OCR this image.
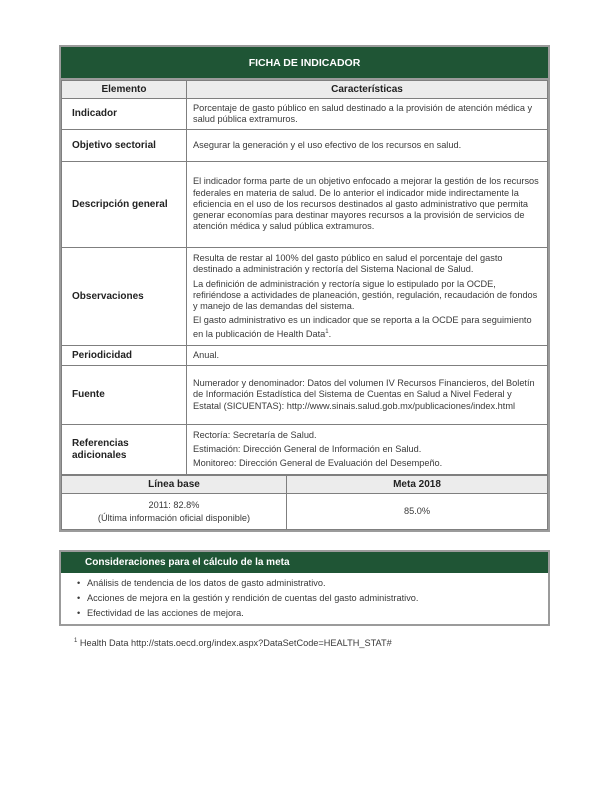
FICHA DE INDICADOR
Elemento	Características
Indicador	Porcentaje de gasto público en salud destinado a la provisión de atención médica y salud pública extramuros.

Objetivo sectorial	Asegurar la generación y el uso efectivo de los recursos en salud.

Descripción general	El indicador forma parte de un objetivo enfocado a mejorar la gestión de los recursos federales en materia de salud. De lo anterior el indicador mide indirectamente la eficiencia en el uso de los recursos destinados al gasto administrativo que permita generar economías para destinar mayores recursos a la provisión de servicios de atención médica y salud pública extramuros.

Observaciones	Resulta de restar al 100% del gasto público en salud el porcentaje del gasto destinado a administración y rectoría del Sistema Nacional de Salud.

La definición de administración y rectoría sigue lo estipulado por la OCDE, refiriéndose a actividades de planeación, gestión, regulación, recaudación de fondos y manejo de las demandas del sistema.

El gasto administrativo es un indicador que se reporta a la OCDE para seguimiento en la publicación de Health Data$^1$.

Periodicidad	Anual.

Fuente	Numerador y denominador: Datos del volumen IV Recursos Financieros, del Boletín de Información Estadística del Sistema de Cuentas en Salud a Nivel Federal y Estatal (SICUENTAS): http://www.sinais.salud.gob.mx/publicaciones/index.html

Referencias adicionales	Rectoría: Secretaría de Salud.

Estimación: Dirección General de Información en Salud.

Monitoreo: Dirección General de Evaluación del Desempeño.

Línea base	Meta 2018

2011: 82.8%
(Última información oficial disponible)	85.0%
Consideraciones para el cálculo de la meta
• Análisis de tendencia de los datos de gasto administrativo.
• Acciones de mejora en la gestión y rendición de cuentas del gasto administrativo.
• Efectividad de las acciones de mejora.
$^1$ Health Data http://stats.oecd.org/index.aspx?DataSetCode=HEALTH_STAT#
